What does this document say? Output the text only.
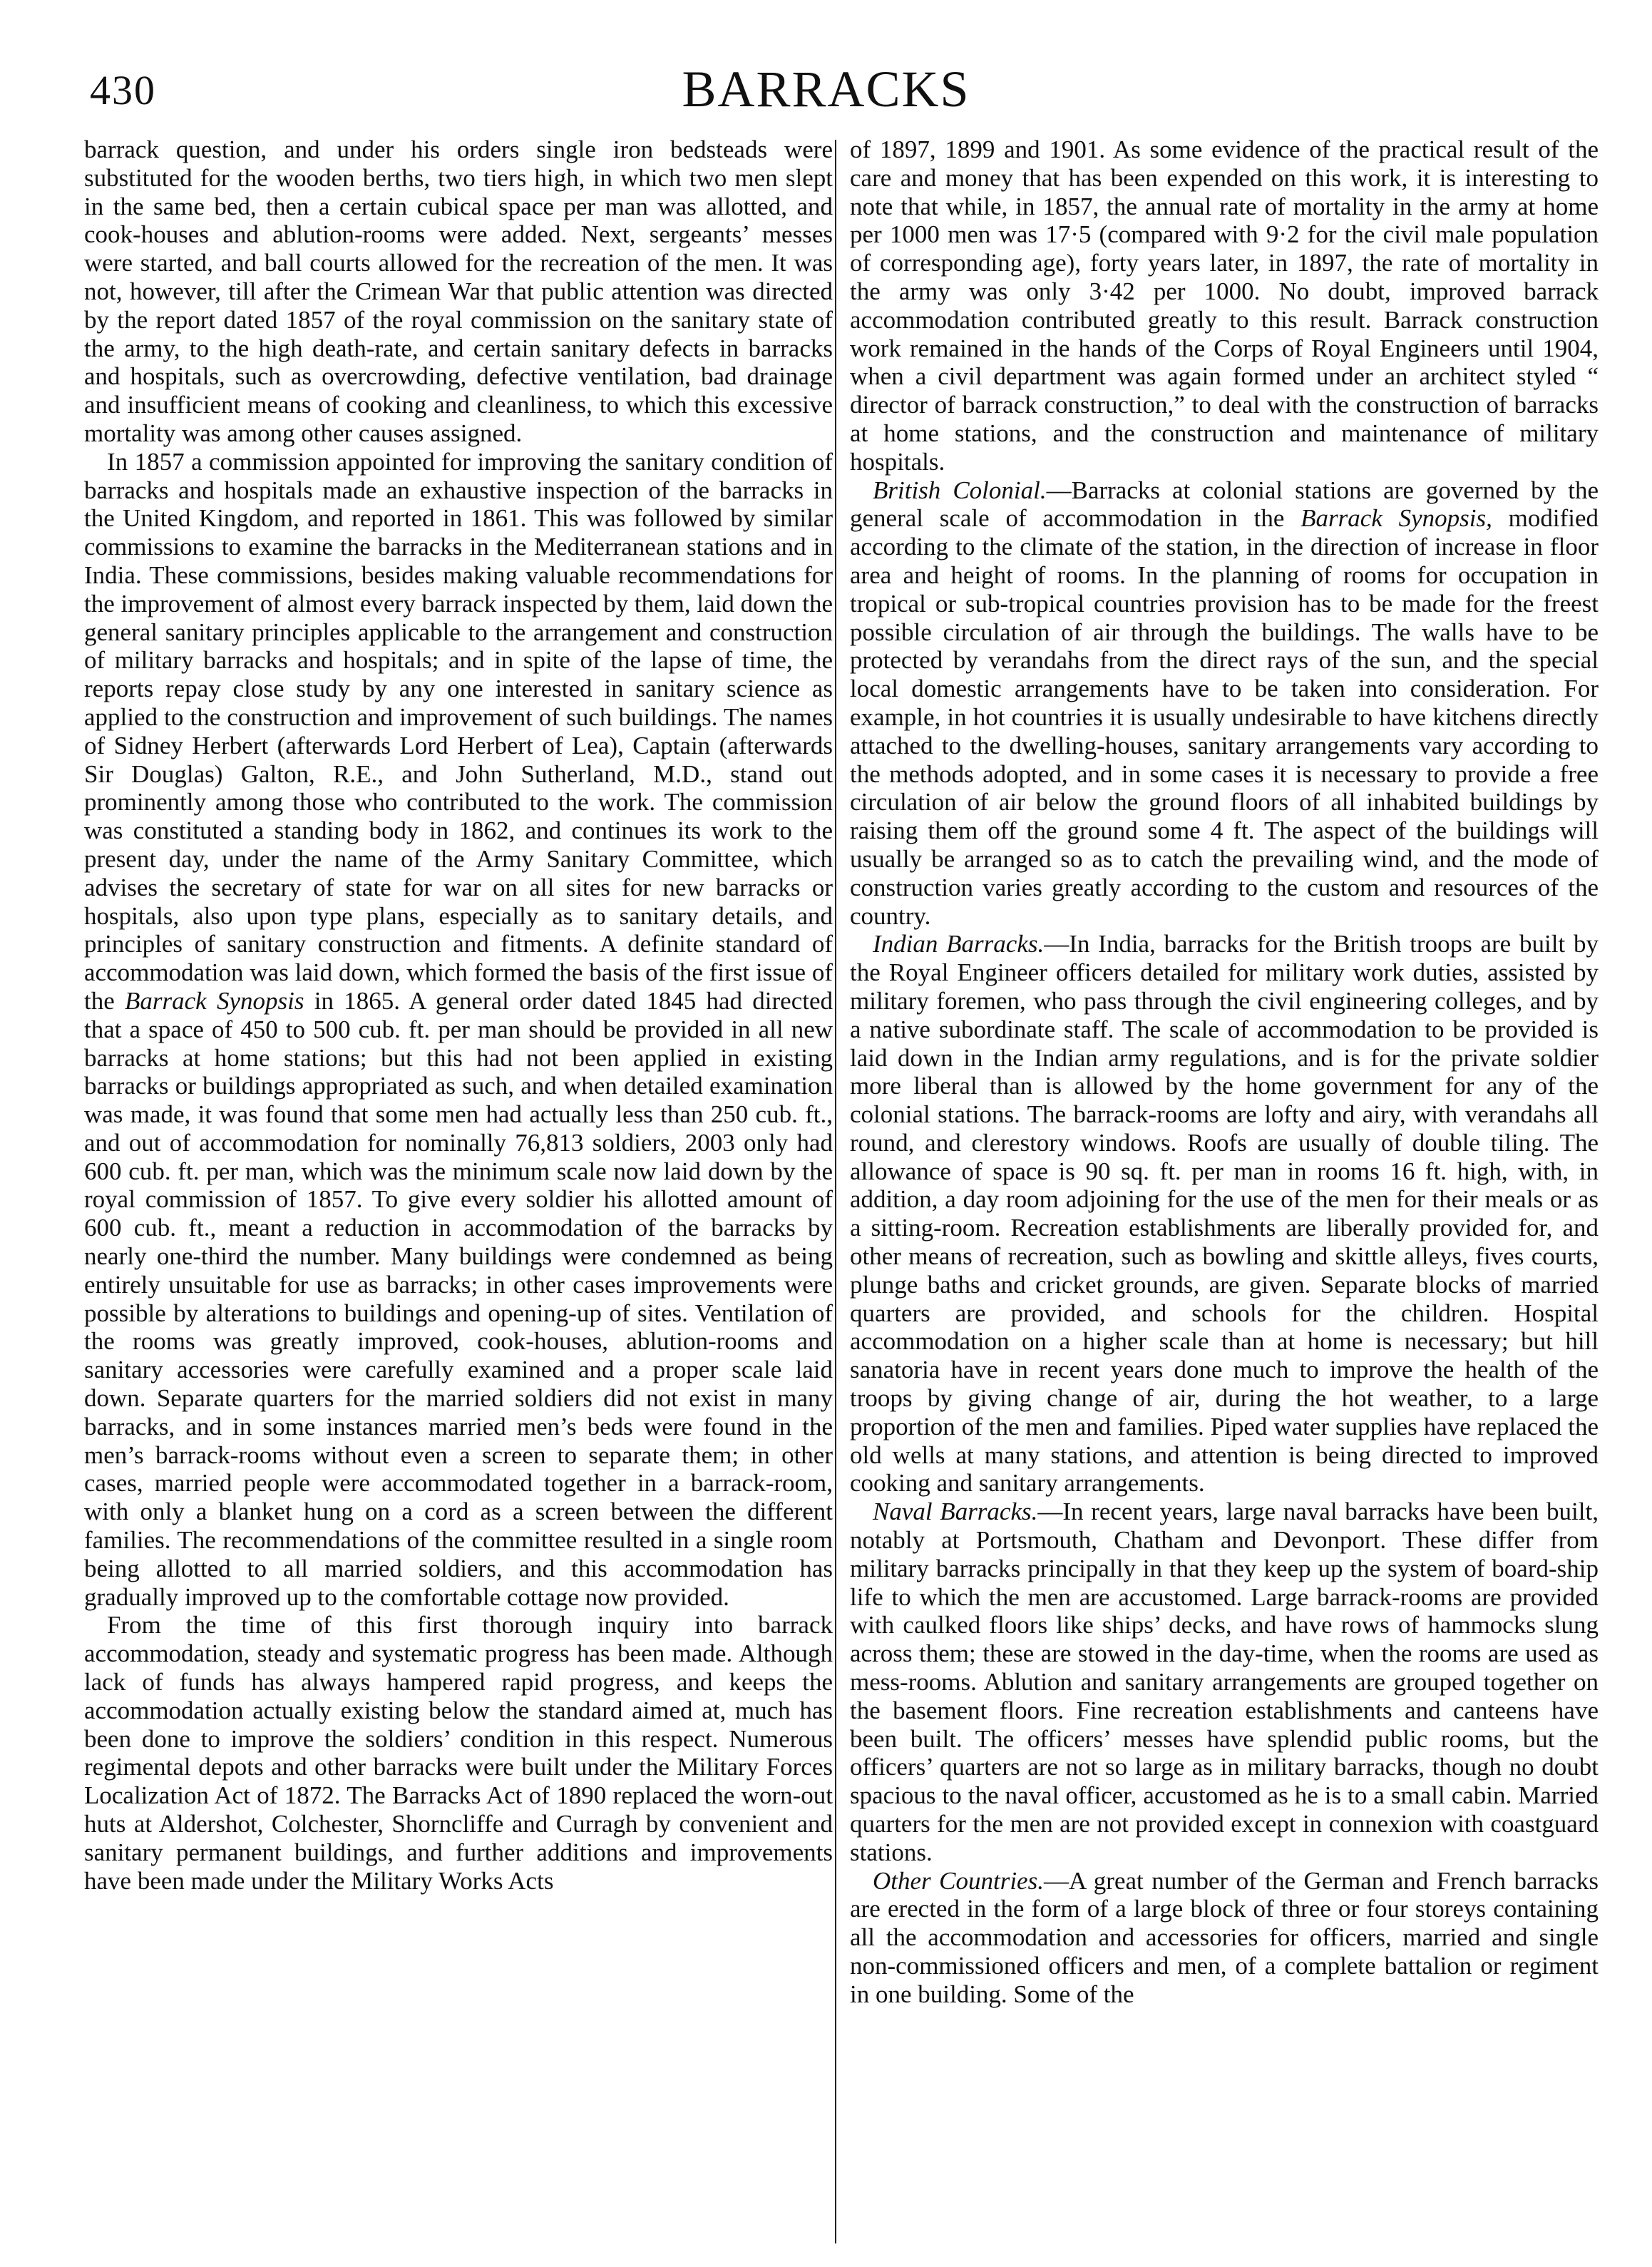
430	BARRACKS

barrack question, and under his orders single iron bedsteads were substituted for the wooden berths, two tiers high, in which two men slept in the same bed, then a certain cubical space per man was allotted, and cook-houses and ablution-rooms were added. Next, sergeants’ messes were started, and ball courts allowed for the recreation of the men. It was not, however, till after the Crimean War that public attention was directed by the report dated 1857 of the royal commission on the sanitary state of the army, to the high death-rate, and certain sanitary defects in barracks and hospitals, such as overcrowding, defective ventilation, bad drainage and insufficient means of cooking and cleanliness, to which this excessive mortality was among other causes assigned.

In 1857 a commission appointed for improving the sanitary condition of barracks and hospitals made an exhaustive inspection of the barracks in the United Kingdom, and reported in 1861. This was followed by similar commissions to examine the barracks in the Mediterranean stations and in India. These commissions, besides making valuable recommendations for the improvement of almost every barrack inspected by them, laid down the general sanitary principles applicable to the arrangement and construction of military barracks and hospitals; and in spite of the lapse of time, the reports repay close study by any one interested in sanitary science as applied to the construction and improvement of such buildings. The names of Sidney Herbert (afterwards Lord Herbert of Lea), Captain (afterwards Sir Douglas) Galton, R.E., and John Sutherland, M.D., stand out prominently among those who contributed to the work. The commission was constituted a standing body in 1862, and continues its work to the present day, under the name of the Army Sanitary Committee, which advises the secretary of state for war on all sites for new barracks or hospitals, also upon type plans, especially as to sanitary details, and principles of sanitary construction and fitments. A definite standard of accommodation was laid down, which formed the basis of the first issue of the Barrack Synopsis in 1865. A general order dated 1845 had directed that a space of 450 to 500 cub. ft. per man should be provided in all new barracks at home stations; but this had not been applied in existing barracks or buildings appropriated as such, and when detailed examination was made, it was found that some men had actually less than 250 cub. ft., and out of accommodation for nominally 76,813 soldiers, 2003 only had 600 cub. ft. per man, which was the minimum scale now laid down by the royal commission of 1857. To give every soldier his allotted amount of 600 cub. ft., meant a reduction in accommodation of the barracks by nearly one-third the number. Many buildings were condemned as being entirely unsuitable for use as barracks; in other cases improvements were possible by alterations to buildings and opening-up of sites. Ventilation of the rooms was greatly improved, cook-houses, ablution-rooms and sanitary accessories were carefully examined and a proper scale laid down. Separate quarters for the married soldiers did not exist in many barracks, and in some instances married men’s beds were found in the men’s barrack-rooms without even a screen to separate them; in other cases, married people were accommodated together in a barrack-room, with only a blanket hung on a cord as a screen between the different families. The recommendations of the committee resulted in a single room being allotted to all married soldiers, and this accommodation has gradually improved up to the comfortable cottage now provided.

From the time of this first thorough inquiry into barrack accommodation, steady and systematic progress has been made. Although lack of funds has always hampered rapid progress, and keeps the accommodation actually existing below the standard aimed at, much has been done to improve the soldiers’ condition in this respect. Numerous regimental depots and other barracks were built under the Military Forces Localization Act of 1872. The Barracks Act of 1890 replaced the worn-out huts at Aldershot, Colchester, Shorncliffe and Curragh by convenient and sanitary permanent buildings, and further additions and improvements have been made under the Military Works Acts

of 1897, 1899 and 1901. As some evidence of the practical result of the care and money that has been expended on this work, it is interesting to note that while, in 1857, the annual rate of mortality in the army at home per 1000 men was 17·5 (compared with 9·2 for the civil male population of corresponding age), forty years later, in 1897, the rate of mortality in the army was only 3·42 per 1000. No doubt, improved barrack accommodation contributed greatly to this result. Barrack construction work remained in the hands of the Corps of Royal Engineers until 1904, when a civil department was again formed under an architect styled “ director of barrack construction,” to deal with the construction of barracks at home stations, and the construction and maintenance of military hospitals.

British Colonial.—Barracks at colonial stations are governed by the general scale of accommodation in the Barrack Synopsis, modified according to the climate of the station, in the direction of increase in floor area and height of rooms. In the planning of rooms for occupation in tropical or sub-tropical countries provision has to be made for the freest possible circulation of air through the buildings. The walls have to be protected by verandahs from the direct rays of the sun, and the special local domestic arrangements have to be taken into consideration. For example, in hot countries it is usually undesirable to have kitchens directly attached to the dwelling-houses, sanitary arrangements vary according to the methods adopted, and in some cases it is necessary to provide a free circulation of air below the ground floors of all inhabited buildings by raising them off the ground some 4 ft. The aspect of the buildings will usually be arranged so as to catch the prevailing wind, and the mode of construction varies greatly according to the custom and resources of the country.

Indian Barracks.—In India, barracks for the British troops are built by the Royal Engineer officers detailed for military work duties, assisted by military foremen, who pass through the civil engineering colleges, and by a native subordinate staff. The scale of accommodation to be provided is laid down in the Indian army regulations, and is for the private soldier more liberal than is allowed by the home government for any of the colonial stations. The barrack-rooms are lofty and airy, with verandahs all round, and clerestory windows. Roofs are usually of double tiling. The allowance of space is 90 sq. ft. per man in rooms 16 ft. high, with, in addition, a day room adjoining for the use of the men for their meals or as a sitting-room. Recreation establishments are liberally provided for, and other means of recreation, such as bowling and skittle alleys, fives courts, plunge baths and cricket grounds, are given. Separate blocks of married quarters are provided, and schools for the children. Hospital accommodation on a higher scale than at home is necessary; but hill sanatoria have in recent years done much to improve the health of the troops by giving change of air, during the hot weather, to a large proportion of the men and families. Piped water supplies have replaced the old wells at many stations, and attention is being directed to improved cooking and sanitary arrangements.

Naval Barracks.—In recent years, large naval barracks have been built, notably at Portsmouth, Chatham and Devonport. These differ from military barracks principally in that they keep up the system of board-ship life to which the men are accustomed. Large barrack-rooms are provided with caulked floors like ships’ decks, and have rows of hammocks slung across them; these are stowed in the day-time, when the rooms are used as mess-rooms. Ablution and sanitary arrangements are grouped together on the basement floors. Fine recreation establishments and canteens have been built. The officers’ messes have splendid public rooms, but the officers’ quarters are not so large as in military barracks, though no doubt spacious to the naval officer, accustomed as he is to a small cabin. Married quarters for the men are not provided except in connexion with coastguard stations.

Other Countries.—A great number of the German and French barracks are erected in the form of a large block of three or four storeys containing all the accommodation and accessories for officers, married and single non-commissioned officers and men, of a complete battalion or regiment in one building. Some of the
